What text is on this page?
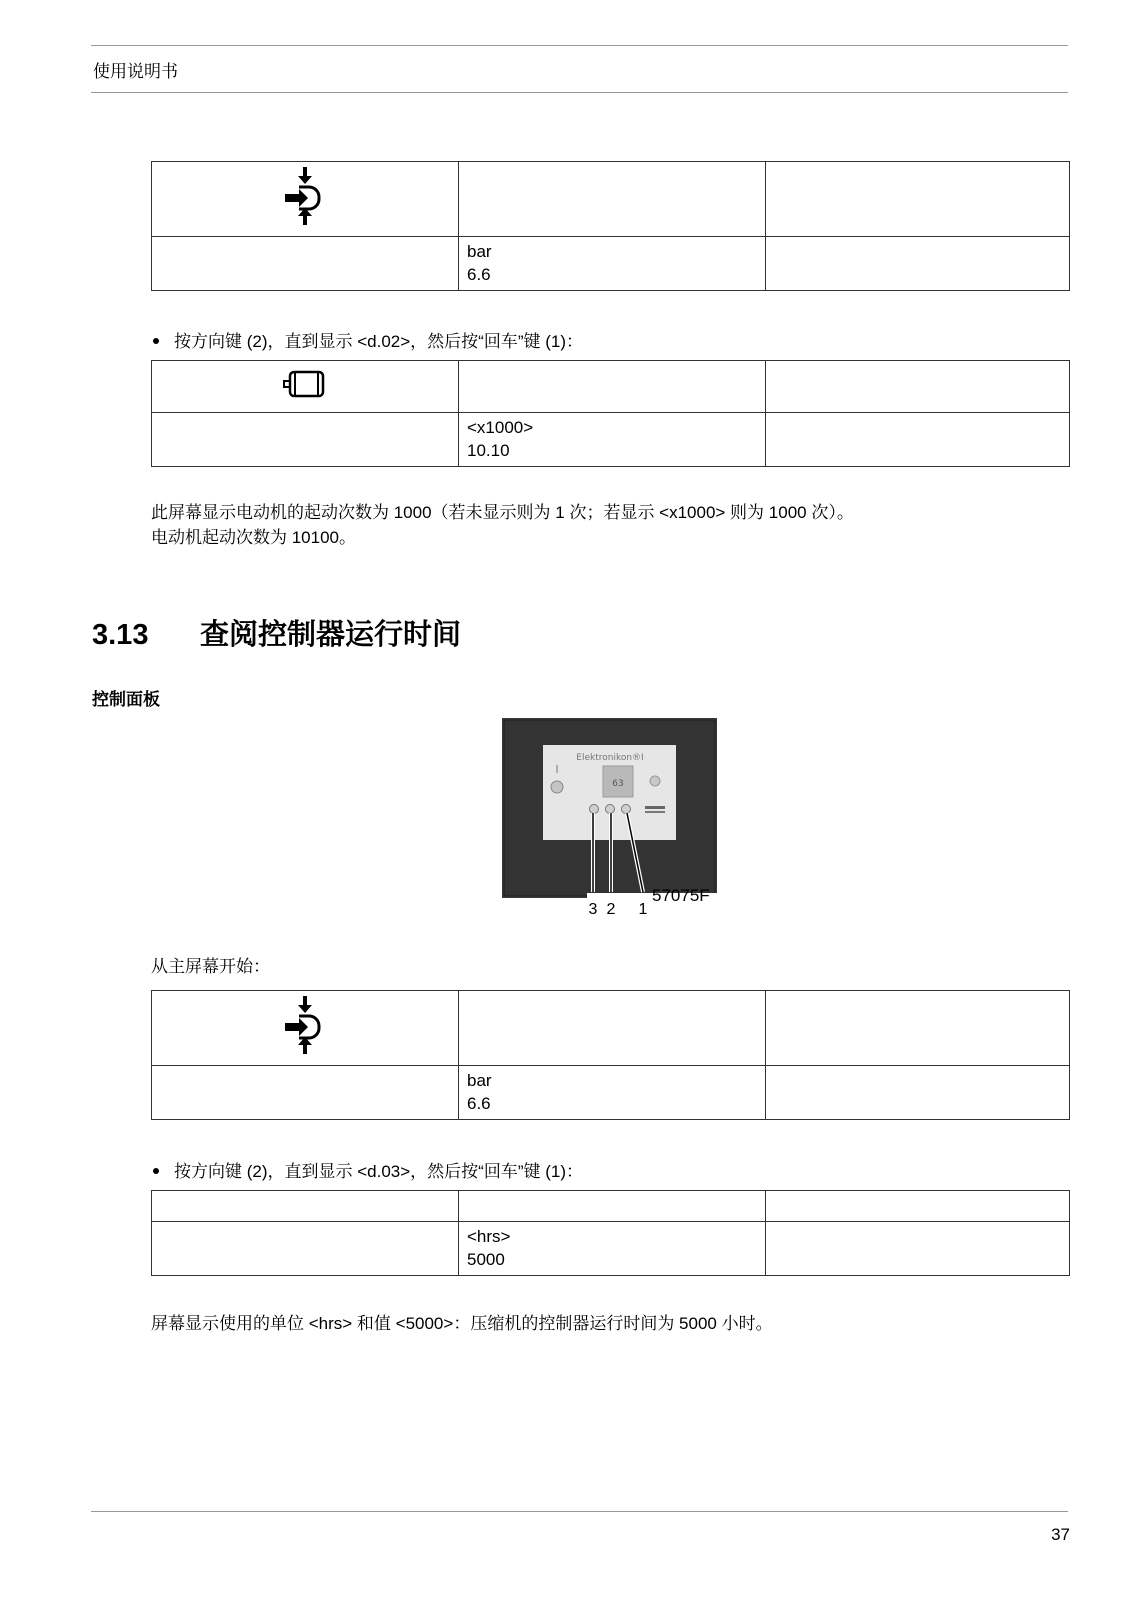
使用说明书

	bar
6.6	

按方向键 (2)，直到显示 <d.02>，然后按“回车”键 (1)：

	<x1000>
10.10	

此屏幕显示电动机的起动次数为 1000（若未显示则为 1 次；若显示 <x1000> 则为 1000 次）。
电动机起动次数为 10100。
3.13 查阅控制器运行时间
控制面板
Elektronikon®I
63
3 2 1
57075F
从主屏幕开始：

	bar
6.6	

按方向键 (2)，直到显示 <d.03>，然后按“回车”键 (1)：

	<hrs>
5000	

屏幕显示使用的单位 <hrs> 和值 <5000>：压缩机的控制器运行时间为 5000 小时。
37
